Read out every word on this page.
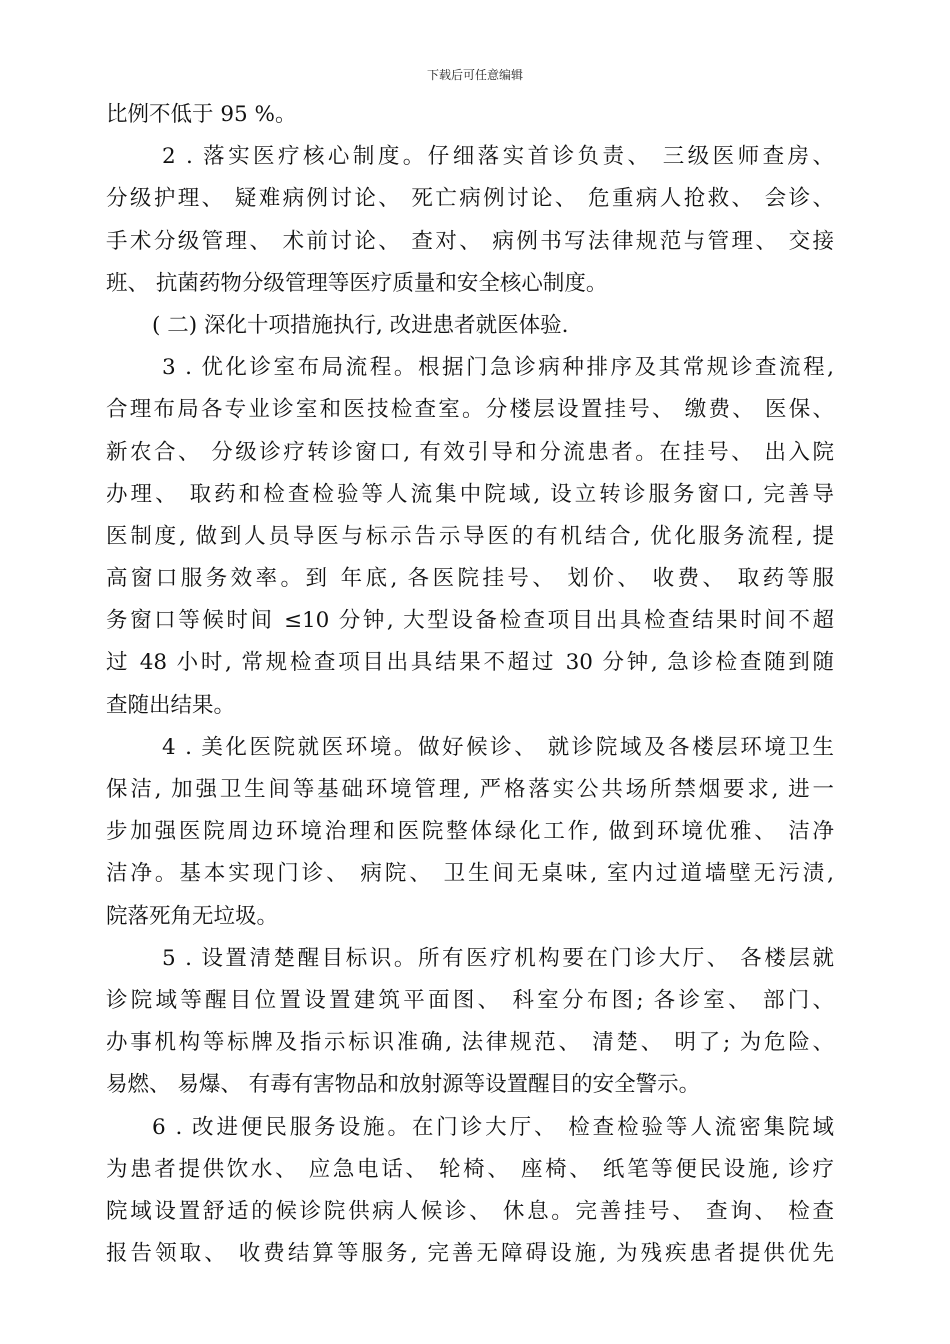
下载后可任意编辑
比例不低于 95 %。
2 . 落实医疗核心制度。仔细落实首诊负责、 三级医师查房、
分级护理、 疑难病例讨论、 死亡病例讨论、 危重病人抢救、 会诊、
手术分级管理、 术前讨论、 查对、 病例书写法律规范与管理、 交接
班、 抗菌药物分级管理等医疗质量和安全核心制度。
( 二) 深化十项措施执行, 改进患者就医体验.
3 . 优化诊室布局流程。根据门急诊病种排序及其常规诊查流程,
合理布局各专业诊室和医技检查室。分楼层设置挂号、 缴费、 医保、
新农合、 分级诊疗转诊窗口, 有效引导和分流患者。在挂号、 出入院
办理、 取药和检查检验等人流集中院域, 设立转诊服务窗口, 完善导
医制度, 做到人员导医与标示告示导医的有机结合, 优化服务流程, 提
高窗口服务效率。到 年底, 各医院挂号、 划价、 收费、 取药等服
务窗口等候时间 ≤10 分钟, 大型设备检查项目出具检查结果时间不超
过 48 小时, 常规检查项目出具结果不超过 30 分钟, 急诊检查随到随
查随出结果。
4 . 美化医院就医环境。做好候诊、 就诊院域及各楼层环境卫生
保洁, 加强卫生间等基础环境管理, 严格落实公共场所禁烟要求, 进一
步加强医院周边环境治理和医院整体绿化工作, 做到环境优雅、 洁净
洁净。基本实现门诊、 病院、 卫生间无桌味, 室内过道墙壁无污渍,
院落死角无垃圾。
5 . 设置清楚醒目标识。所有医疗机构要在门诊大厅、 各楼层就
诊院域等醒目位置设置建筑平面图、 科室分布图; 各诊室、 部门、
办事机构等标牌及指示标识准确, 法律规范、 清楚、 明了; 为危险、
易燃、 易爆、 有毒有害物品和放射源等设置醒目的安全警示。
6 . 改进便民服务设施。在门诊大厅、 检查检验等人流密集院域
为患者提供饮水、 应急电话、 轮椅、 座椅、 纸笔等便民设施, 诊疗
院域设置舒适的候诊院供病人候诊、 休息。完善挂号、 查询、 检查
报告领取、 收费结算等服务, 完善无障碍设施, 为残疾患者提供优先
